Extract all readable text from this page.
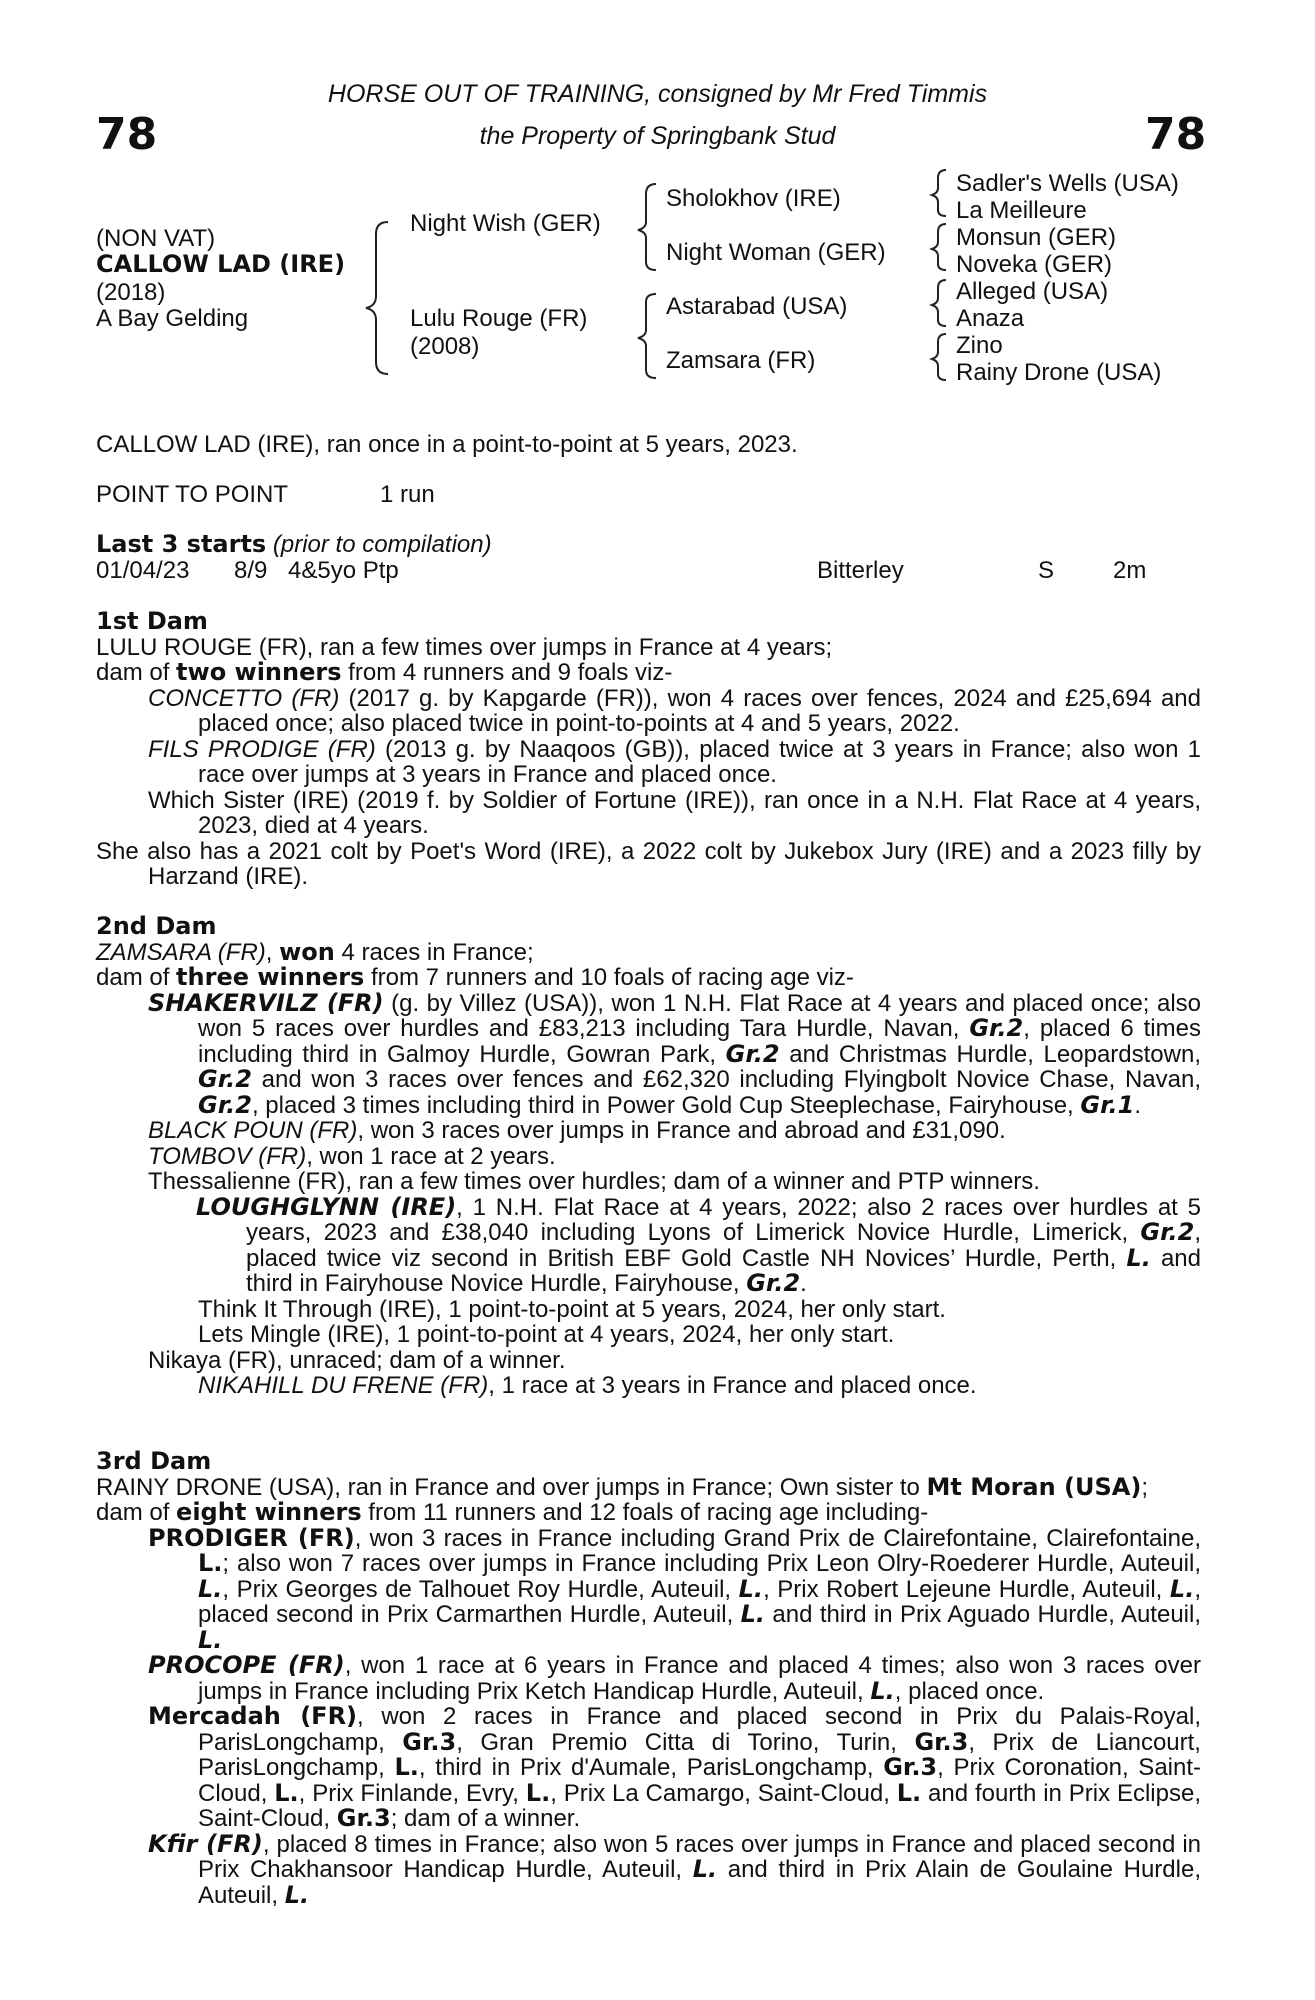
78	78
HORSE OUT OF TRAINING, consigned by Mr Fred Timmis
the Property of Springbank Stud
(NON VAT)
CALLOW LAD (IRE)
(2018)
A Bay Gelding
Night Wish (GER)
Lulu Rouge (FR)
(2008)
Sholokhov (IRE)
Night Woman (GER)
Astarabad (USA)
Zamsara (FR)
Sadler's Wells (USA)
La Meilleure
Monsun (GER)
Noveka (GER)
Alleged (USA)
Anaza
Zino
Rainy Drone (USA)
CALLOW LAD (IRE), ran once in a point-to-point at 5 years, 2023.
POINT TO POINT	1 run
Last 3 starts (prior to compilation)
01/04/23 8/9 4&5yo Ptp	Bitterley	S 2m

1st Dam

LULU ROUGE (FR), ran a few times over jumps in France at 4 years;

dam of two winners from 4 runners and 9 foals viz-

CONCETTO (FR) (2017 g. by Kapgarde (FR)), won 4 races over fences, 2024 and £25,694 and placed once; also placed twice in point-to-points at 4 and 5 years, 2022.

FILS PRODIGE (FR) (2013 g. by Naaqoos (GB)), placed twice at 3 years in France; also won 1 race over jumps at 3 years in France and placed once.

Which Sister (IRE) (2019 f. by Soldier of Fortune (IRE)), ran once in a N.H. Flat Race at 4 years, 2023, died at 4 years.

She also has a 2021 colt by Poet's Word (IRE), a 2022 colt by Jukebox Jury (IRE) and a 2023 filly by Harzand (IRE).

2nd Dam

ZAMSARA (FR), won 4 races in France;

dam of three winners from 7 runners and 10 foals of racing age viz-

SHAKERVILZ (FR) (g. by Villez (USA)), won 1 N.H. Flat Race at 4 years and placed once; also won 5 races over hurdles and £83,213 including Tara Hurdle, Navan, Gr.2, placed 6 times including third in Galmoy Hurdle, Gowran Park, Gr.2 and Christmas Hurdle, Leopardstown, Gr.2 and won 3 races over fences and £62,320 including Flyingbolt Novice Chase, Navan, Gr.2, placed 3 times including third in Power Gold Cup Steeplechase, Fairyhouse, Gr.1.

BLACK POUN (FR), won 3 races over jumps in France and abroad and £31,090.

TOMBOV (FR), won 1 race at 2 years.

Thessalienne (FR), ran a few times over hurdles; dam of a winner and PTP winners.

LOUGHGLYNN (IRE), 1 N.H. Flat Race at 4 years, 2022; also 2 races over hurdles at 5 years, 2023 and £38,040 including Lyons of Limerick Novice Hurdle, Limerick, Gr.2, placed twice viz second in British EBF Gold Castle NH Novices’ Hurdle, Perth, L. and third in Fairyhouse Novice Hurdle, Fairyhouse, Gr.2.

Think It Through (IRE), 1 point-to-point at 5 years, 2024, her only start.

Lets Mingle (IRE), 1 point-to-point at 4 years, 2024, her only start.

Nikaya (FR), unraced; dam of a winner.

NIKAHILL DU FRENE (FR), 1 race at 3 years in France and placed once.

3rd Dam

RAINY DRONE (USA), ran in France and over jumps in France; Own sister to Mt Moran (USA);

dam of eight winners from 11 runners and 12 foals of racing age including-

PRODIGER (FR), won 3 races in France including Grand Prix de Clairefontaine, Clairefontaine, L.; also won 7 races over jumps in France including Prix Leon Olry-Roederer Hurdle, Auteuil, L., Prix Georges de Talhouet Roy Hurdle, Auteuil, L., Prix Robert Lejeune Hurdle, Auteuil, L., placed second in Prix Carmarthen Hurdle, Auteuil, L. and third in Prix Aguado Hurdle, Auteuil, L.

PROCOPE (FR), won 1 race at 6 years in France and placed 4 times; also won 3 races over jumps in France including Prix Ketch Handicap Hurdle, Auteuil, L., placed once.

Mercadah (FR), won 2 races in France and placed second in Prix du Palais-Royal, ParisLongchamp, Gr.3, Gran Premio Citta di Torino, Turin, Gr.3, Prix de Liancourt, ParisLongchamp, L., third in Prix d'Aumale, ParisLongchamp, Gr.3, Prix Coronation, Saint-Cloud, L., Prix Finlande, Evry, L., Prix La Camargo, Saint-Cloud, L. and fourth in Prix Eclipse, Saint-Cloud, Gr.3; dam of a winner.

Kfir (FR), placed 8 times in France; also won 5 races over jumps in France and placed second in Prix Chakhansoor Handicap Hurdle, Auteuil, L. and third in Prix Alain de Goulaine Hurdle, Auteuil, L.
